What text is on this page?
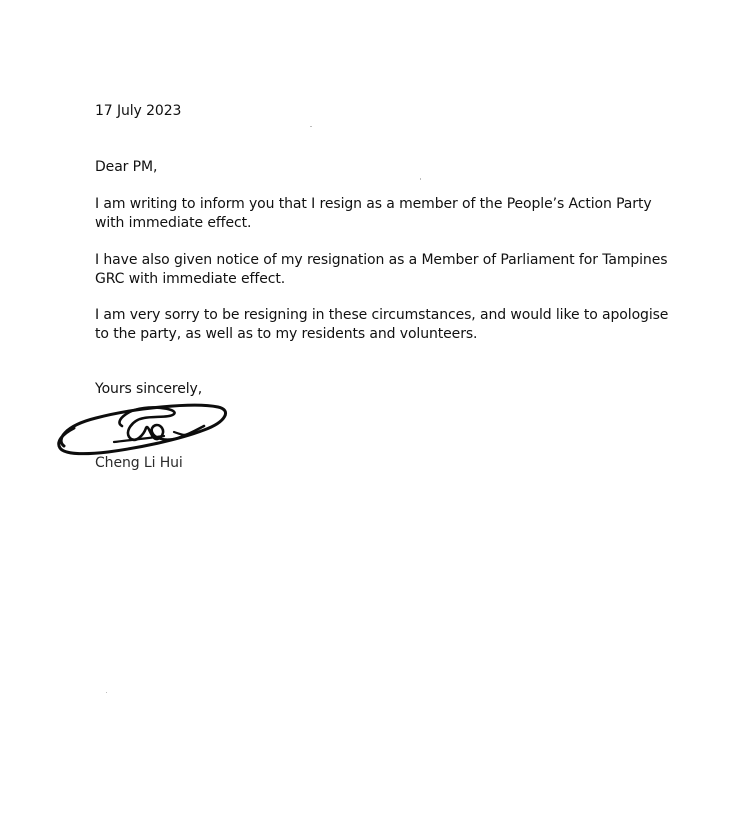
17 July 2023
Dear PM,
I am writing to inform you that I resign as a member of the People’s Action Party with immediate effect.
I have also given notice of my resignation as a Member of Parliament for Tampines GRC with immediate effect.
I am very sorry to be resigning in these circumstances, and would like to apologise to the party, as well as to my residents and volunteers.
Yours sincerely,
Cheng Li Hui
